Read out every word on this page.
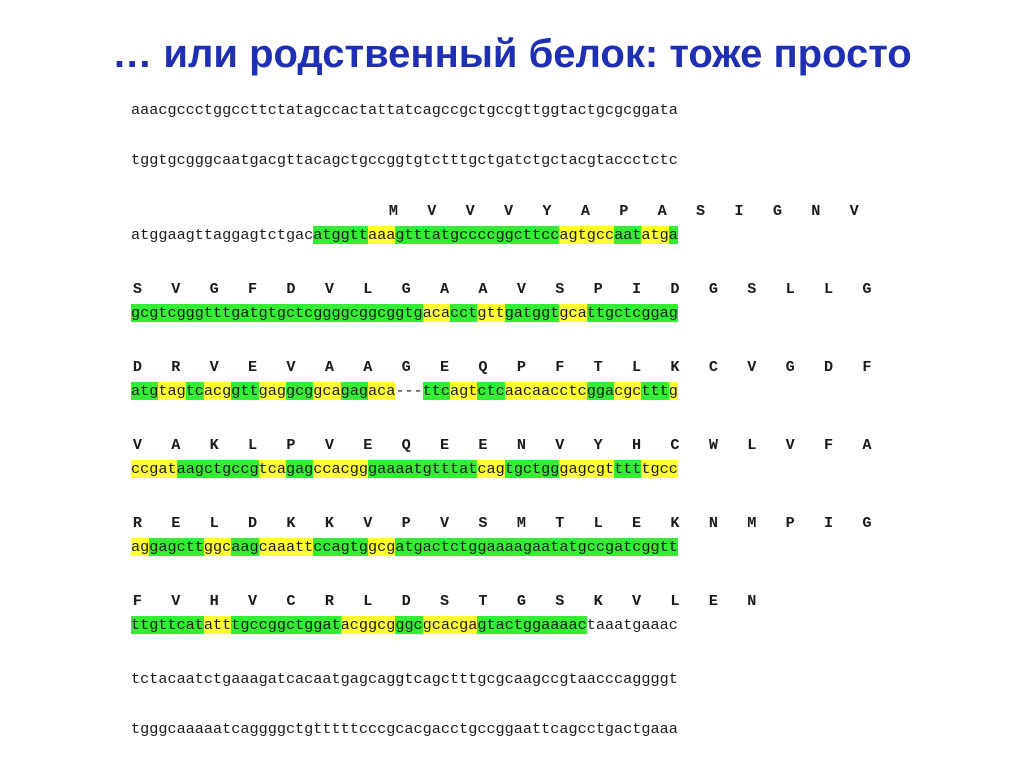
… или родственный белок: тоже просто
aaacgccctggccttctatagccactattatcagccgctgccgttggtactgcgcggata
tggtgcgggcaatgacgttacagctgccggtgtctttgctgatctgctacgtaccctctc
atggaagttaggagtctgacatggttaaagtttatgccccggcttccagtgccaatatga
M V V V Y A P A S I G N V
gcgtcgggtttgatgtgctcggggcggcggtgacacctgttgatggtgcattgctcggag
S V G F D V L G A A V S P I D G S L L G
atgtagtcacggttgaggcggcagagaca---ttcagtctcaacaacctcggacgctttg
D R V E V A A G E Q P F T L K C V G D F
ccgataagctgccgtcagagccacgggaaaatgtttatcagtgctgggagcgtttttgcc
V A K L P V E Q E E N V Y H C W L V F A
aggagcttggcaagcaaattccagtggcgatgactctggaaaagaatatgccgatcggtt
R E L D K K V P V S M T L E K N M P I G
ttgttcatatttgccggctggatacggcgggcgcacgagtactggaaaactaaatgaaac
F V H V C R L D S T G S K V L E N
tctacaatctgaaagatcacaatgagcaggtcagctttgcgcaagccgtaacccaggggt
tgggcaaaaatcaggggctgtttttcccgcacgacctgccggaattcagcctgactgaaa
